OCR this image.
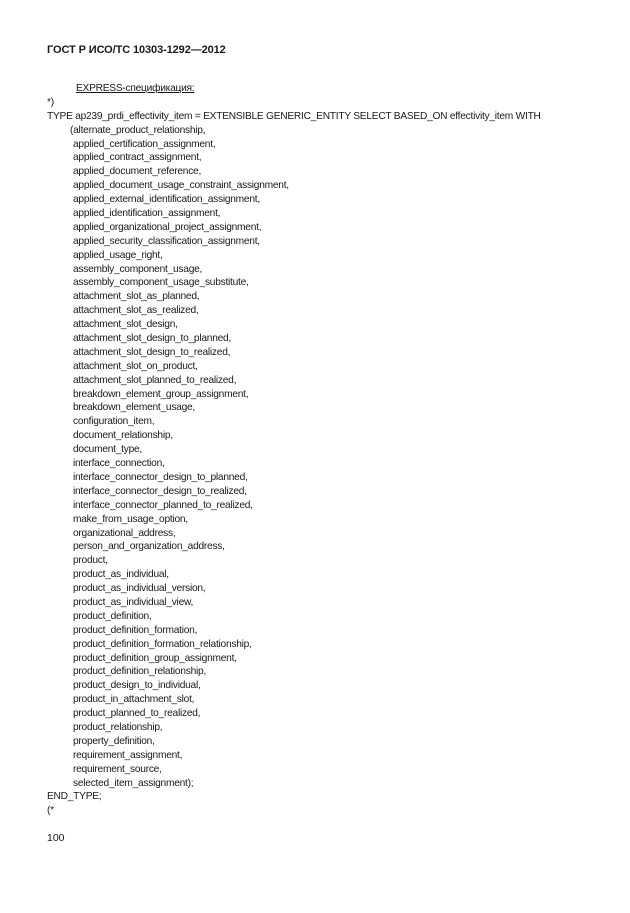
ГОСТ Р ИСО/ТС 10303-1292—2012
EXPRESS-спецификация:
*)
TYPE ap239_prdi_effectivity_item = EXTENSIBLE GENERIC_ENTITY SELECT BASED_ON effectivity_item WITH
(alternate_product_relationship,
applied_certification_assignment,
applied_contract_assignment,
applied_document_reference,
applied_document_usage_constraint_assignment,
applied_external_identification_assignment,
applied_identification_assignment,
applied_organizational_project_assignment,
applied_security_classification_assignment,
applied_usage_right,
assembly_component_usage,
assembly_component_usage_substitute,
attachment_slot_as_planned,
attachment_slot_as_realized,
attachment_slot_design,
attachment_slot_design_to_planned,
attachment_slot_design_to_realized,
attachment_slot_on_product,
attachment_slot_planned_to_realized,
breakdown_element_group_assignment,
breakdown_element_usage,
configuration_item,
document_relationship,
document_type,
interface_connection,
interface_connector_design_to_planned,
interface_connector_design_to_realized,
interface_connector_planned_to_realized,
make_from_usage_option,
organizational_address,
person_and_organization_address,
product,
product_as_individual,
product_as_individual_version,
product_as_individual_view,
product_definition,
product_definition_formation,
product_definition_formation_relationship,
product_definition_group_assignment,
product_definition_relationship,
product_design_to_individual,
product_in_attachment_slot,
product_planned_to_realized,
product_relationship,
property_definition,
requirement_assignment,
requirement_source,
selected_item_assignment);
END_TYPE;
(*
100
